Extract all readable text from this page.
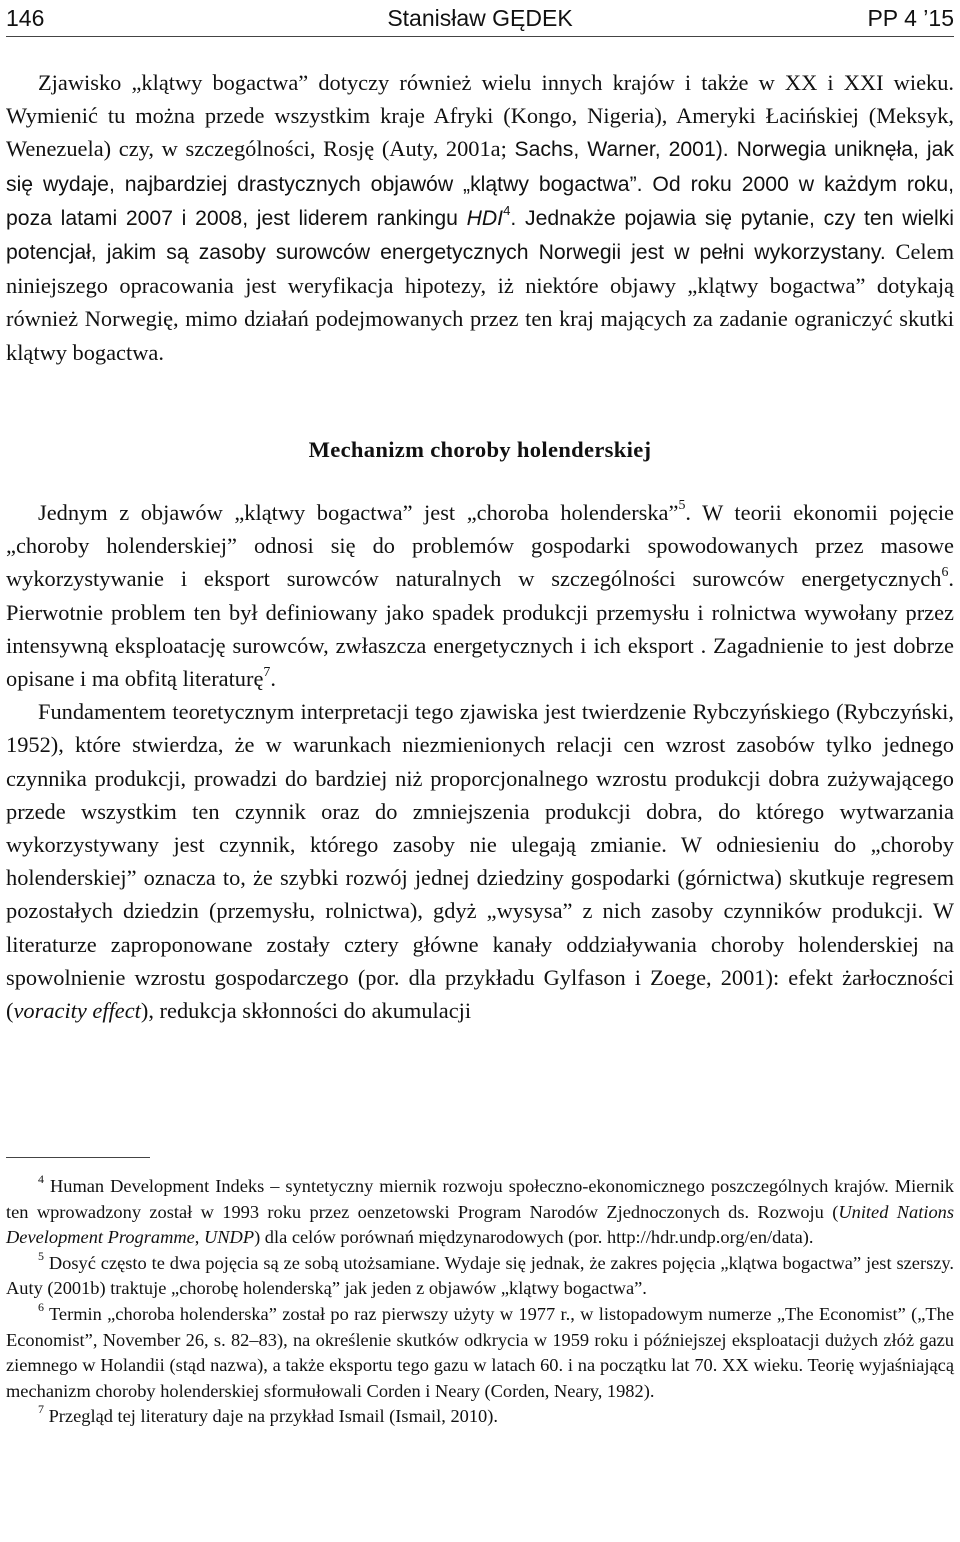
146	Stanisław GĘDEK	PP 4 ’15

Zjawisko „klątwy bogactwa” dotyczy również wielu innych krajów i także w XX i XXI wieku. Wymienić tu można przede wszystkim kraje Afryki (Kongo, Nigeria), Ameryki Łacińskiej (Meksyk, Wenezuela) czy, w szczególności, Rosję (Auty, 2001a; Sachs, Warner, 2001). Norwegia uniknęła, jak się wydaje, najbardziej drastycznych objawów „klątwy bogactwa”. Od roku 2000 w każdym roku, poza latami 2007 i 2008, jest liderem rankingu HDI$^4$. Jednakże pojawia się pytanie, czy ten wielki potencjał, jakim są zasoby surowców energetycznych Norwegii jest w pełni wykorzystany. Celem niniejszego opracowania jest weryfikacja hipotezy, iż niektóre objawy „klątwy bogactwa” dotykają również Norwegię, mimo działań podejmowanych przez ten kraj mających za zadanie ograniczyć skutki klątwy bogactwa.

Mechanizm choroby holenderskiej

Jednym z objawów „klątwy bogactwa” jest „choroba holenderska”$^5$. W teorii ekonomii pojęcie „choroby holenderskiej” odnosi się do problemów gospodarki spowodowanych przez masowe wykorzystywanie i eksport surowców naturalnych w szczególności surowców energetycznych$^6$. Pierwotnie problem ten był definiowany jako spadek produkcji przemysłu i rolnictwa wywołany przez intensywną eksploatację surowców, zwłaszcza energetycznych i ich eksport . Zagadnienie to jest dobrze opisane i ma obfitą literaturę$^7$.

Fundamentem teoretycznym interpretacji tego zjawiska jest twierdzenie Rybczyńskiego (Rybczyński, 1952), które stwierdza, że w warunkach niezmienionych relacji cen wzrost zasobów tylko jednego czynnika produkcji, prowadzi do bardziej niż proporcjonalnego wzrostu produkcji dobra zużywającego przede wszystkim ten czynnik oraz do zmniejszenia produkcji dobra, do którego wytwarzania wykorzystywany jest czynnik, którego zasoby nie ulegają zmianie. W odniesieniu do „choroby holenderskiej” oznacza to, że szybki rozwój jednej dziedziny gospodarki (górnictwa) skutkuje regresem pozostałych dziedzin (przemysłu, rolnictwa), gdyż „wysysa” z nich zasoby czynników produkcji. W literaturze zaproponowane zostały cztery główne kanały oddziaływania choroby holenderskiej na spowolnienie wzrostu gospodarczego (por. dla przykładu Gylfason i Zoege, 2001): efekt żarłoczności (voracity effect), redukcja skłonności do akumulacji

$^4$ Human Development Indeks – syntetyczny miernik rozwoju społeczno-ekonomicznego poszczególnych krajów. Miernik ten wprowadzony został w 1993 roku przez oenzetowski Program Narodów Zjednoczonych ds. Rozwoju (United Nations Development Programme, UNDP) dla celów porównań międzynarodowych (por. http://hdr.undp.org/en/data).

$^5$ Dosyć często te dwa pojęcia są ze sobą utożsamiane. Wydaje się jednak, że zakres pojęcia „klątwa bogactwa” jest szerszy. Auty (2001b) traktuje „chorobę holenderską” jak jeden z objawów „klątwy bogactwa”.

$^6$ Termin „choroba holenderska” został po raz pierwszy użyty w 1977 r., w listopadowym numerze „The Economist” („The Economist”, November 26, s. 82–83), na określenie skutków odkrycia w 1959 roku i późniejszej eksploatacji dużych złóż gazu ziemnego w Holandii (stąd nazwa), a także eksportu tego gazu w latach 60. i na początku lat 70. XX wieku. Teorię wyjaśniającą mechanizm choroby holenderskiej sformułowali Corden i Neary (Corden, Neary, 1982).

$^7$ Przegląd tej literatury daje na przykład Ismail (Ismail, 2010).
